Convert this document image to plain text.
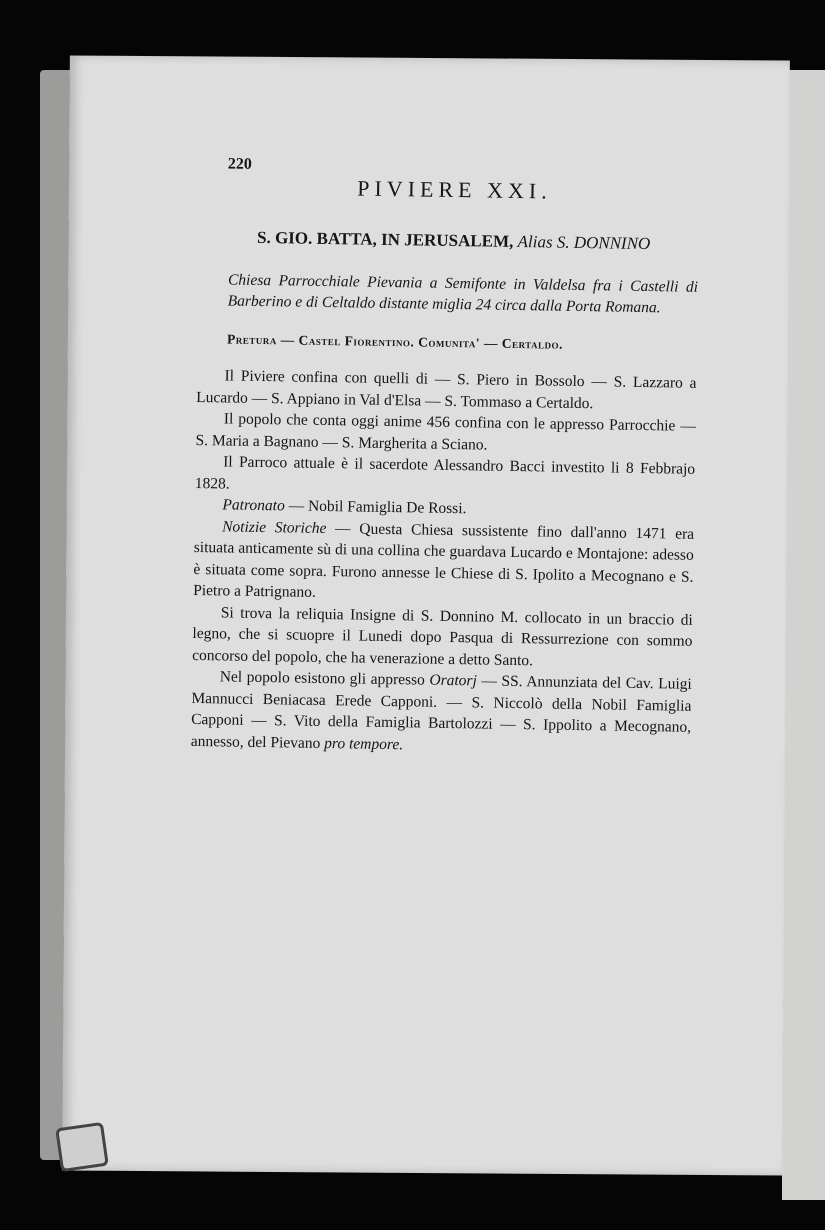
220
PIVIERE XXI.
S. GIO. BATTA, IN JERUSALEM, Alias S. DONNINO
Chiesa Parrocchiale Pievania a Semifonte in Valdelsa fra i Castelli di Barberino e di Celtaldo distante miglia 24 circa dalla Porta Romana.
Pretura — Castel Fiorentino. Comunita' — Certaldo.

Il Piviere confina con quelli di — S. Piero in Bossolo — S. Lazzaro a Lucardo — S. Appiano in Val d'Elsa — S. Tommaso a Certaldo.

Il popolo che conta oggi anime 456 confina con le appresso Parrocchie — S. Maria a Bagnano — S. Margherita a Sciano.

Il Parroco attuale è il sacerdote Alessandro Bacci investito li 8 Febbrajo 1828.

Patronato — Nobil Famiglia De Rossi.

Notizie Storiche — Questa Chiesa sussistente fino dall'anno 1471 era situata anticamente sù di una collina che guardava Lucardo e Montajone: adesso è situata come sopra. Furono annesse le Chiese di S. Ipolito a Mecognano e S. Pietro a Patrignano.

Si trova la reliquia Insigne di S. Donnino M. collocato in un braccio di legno, che si scuopre il Lunedi dopo Pasqua di Ressurrezione con sommo concorso del popolo, che ha venerazione a detto Santo.

Nel popolo esistono gli appresso Oratorj — SS. Annunziata del Cav. Luigi Mannucci Beniacasa Erede Capponi. — S. Niccolò della Nobil Famiglia Capponi — S. Vito della Famiglia Bartolozzi — S. Ippolito a Mecognano, annesso, del Pievano pro tempore.
